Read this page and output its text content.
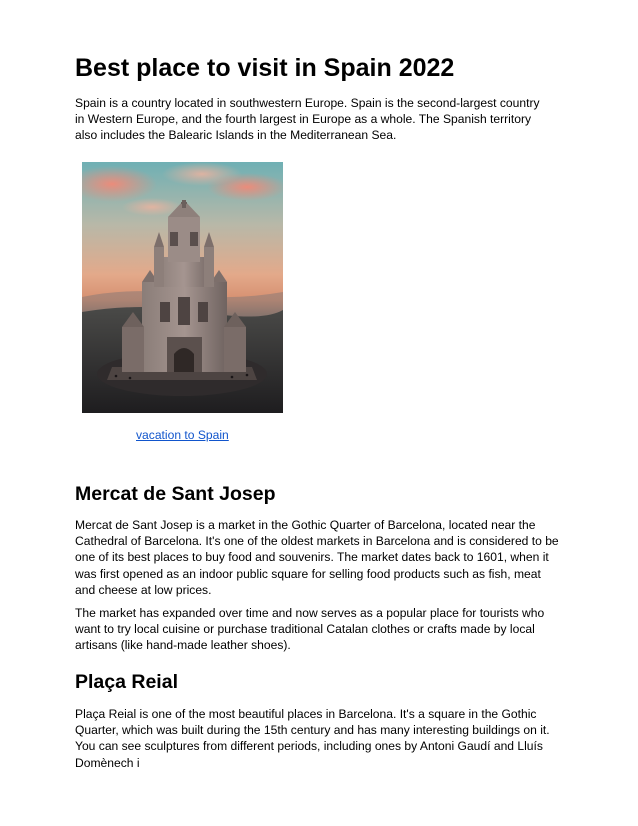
Best place to visit in Spain 2022

Spain is a country located in southwestern Europe. Spain is the second-largest country in Western Europe, and the fourth largest in Europe as a whole. The Spanish territory also includes the Balearic Islands in the Mediterranean Sea.

vacation to Spain
Mercat de Sant Josep

Mercat de Sant Josep is a market in the Gothic Quarter of Barcelona, located near the Cathedral of Barcelona. It's one of the oldest markets in Barcelona and is considered to be one of its best places to buy food and souvenirs. The market dates back to 1601, when it was first opened as an indoor public square for selling food products such as fish, meat and cheese at low prices.

The market has expanded over time and now serves as a popular place for tourists who want to try local cuisine or purchase traditional Catalan clothes or crafts made by local artisans (like hand-made leather shoes).

Plaça Reial

Plaça Reial is one of the most beautiful places in Barcelona. It's a square in the Gothic Quarter, which was built during the 15th century and has many interesting buildings on it. You can see sculptures from different periods, including ones by Antoni Gaudí and Lluís Domènech i
